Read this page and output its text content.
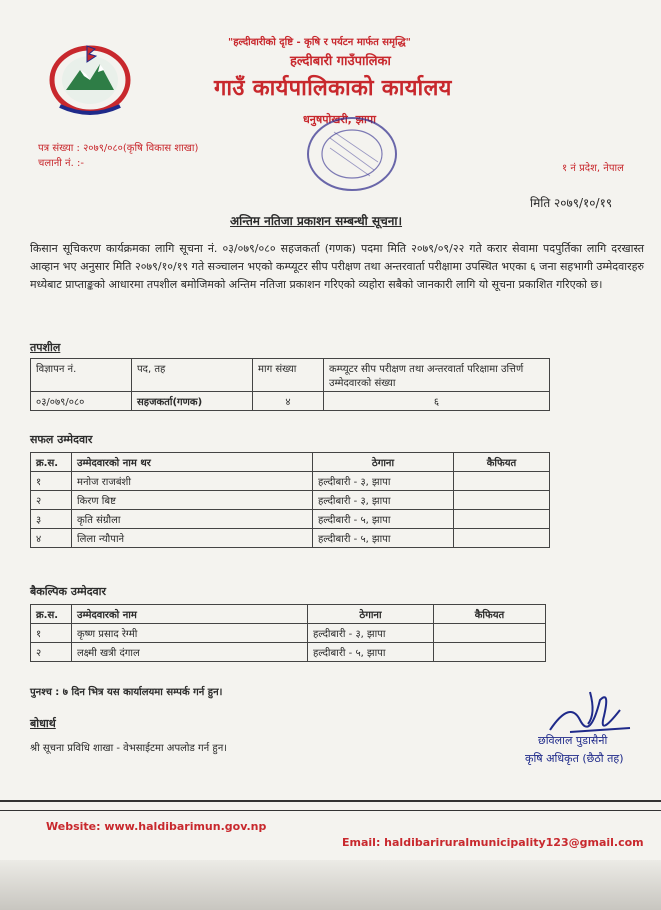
"हल्दीवारीको दृष्टि - कृषि र पर्यटन मार्फत समृद्धि"
हल्दीबारी गाउँपालिका
गाउँ कार्यपालिकाको कार्यालय
धनुषपोखरी, झापा
पत्र संख्या : २०७९/०८०(कृषि विकास शाखा)
चलानी नं. :-	१ नं प्रदेश, नेपाल
मिति २०७९/१०/१९
अन्तिम नतिजा प्रकाशन सम्बन्धी सूचना।
किसान सूचिकरण कार्यक्रमका लागि सूचना नं. ०३/०७९/०८० सहजकर्ता (गणक) पदमा मिति २०७९/०९/२२ गते करार सेवामा पदपुर्तिका लागि दरखास्त आव्हान भए अनुसार मिति २०७९/१०/१९ गते सञ्चालन भएको कम्प्यूटर सीप परीक्षण तथा अन्तरवार्ता परीक्षामा उपस्थित भएका ६ जना सहभागी उम्मेदवारहरु मध्येबाट प्राप्ताङ्कको आधारमा तपशील बमोजिमको अन्तिम नतिजा प्रकाशन गरिएको व्यहोरा सबैको जानकारी लागि यो सूचना प्रकाशित गरिएको छ।
तपशील
विज्ञापन नं.	पद, तह	माग संख्या	कम्प्यूटर सीप परीक्षण तथा अन्तरवार्ता परिक्षामा उत्तिर्ण उम्मेदवारको संख्या
०३/०७९/०८०	सहजकर्ता(गणक)	४	६
सफल उम्मेदवार
क्र.स.	उम्मेदवारको नाम थर	ठेगाना	कैफियत
१	मनोज राजबंशी	हल्दीबारी - ३, झापा	
२	किरण बिष्ट	हल्दीबारी - ३, झापा	
३	कृति संग्रौला	हल्दीबारी - ५, झापा	
४	लिला न्यौपाने	हल्दीबारी - ५, झापा	
बैकल्पिक उम्मेदवार
क्र.स.	उम्मेदवारको नाम	ठेगाना	कैफियत
१	कृष्ण प्रसाद रेग्मी	हल्दीबारी - ३, झापा	
२	लक्ष्मी खत्री दंगाल	हल्दीबारी - ५, झापा	
पुनश्च : ७ दिन भित्र यस कार्यालयमा सम्पर्क गर्न हुन।
बोधार्थ
श्री सूचना प्रविधि शाखा - वेभसाईटमा अपलोड गर्न हुन।
छविलाल पुडासैनी
कृषि अधिकृत (छैठौ तह)
Website: www.haldibarimun.gov.np
Email: haldibariruralmunicipality123@gmail.com
